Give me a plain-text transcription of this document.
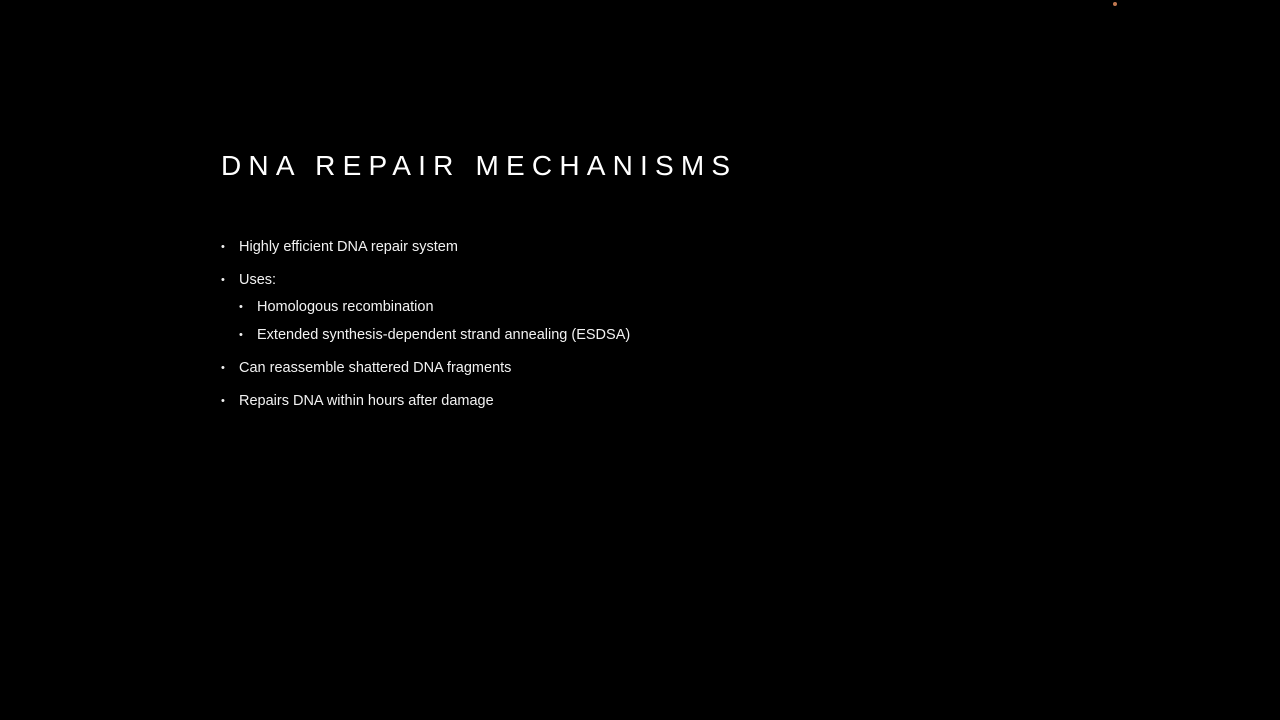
DNA REPAIR MECHANISMS
• Highly efficient DNA repair system
• Uses:
• Homologous recombination
• Extended synthesis-dependent strand annealing (ESDSA)
• Can reassemble shattered DNA fragments
• Repairs DNA within hours after damage
